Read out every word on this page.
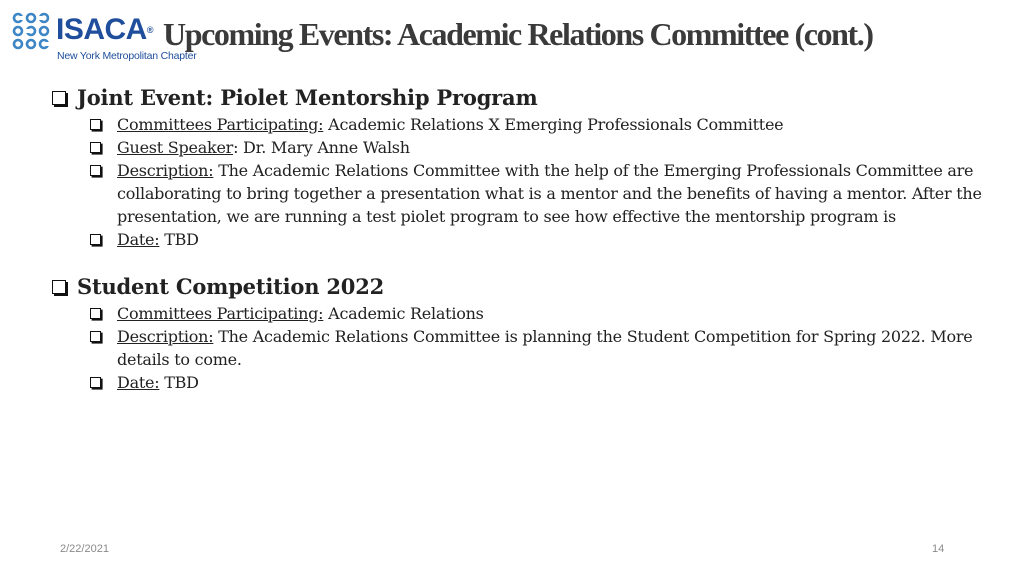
ISACA®
New York Metropolitan Chapter
Upcoming Events: Academic Relations Committee (cont.)
Joint Event: Piolet Mentorship Program
Committees Participating: Academic Relations X Emerging Professionals Committee
Guest Speaker: Dr. Mary Anne Walsh
Description: The Academic Relations Committee with the help of the Emerging Professionals Committee are collaborating to bring together a presentation what is a mentor and the benefits of having a mentor. After the presentation, we are running a test piolet program to see how effective the mentorship program is
Date: TBD
Student Competition 2022
Committees Participating: Academic Relations
Description: The Academic Relations Committee is planning the Student Competition for Spring 2022. More details to come.
Date: TBD
2/22/2021	14
